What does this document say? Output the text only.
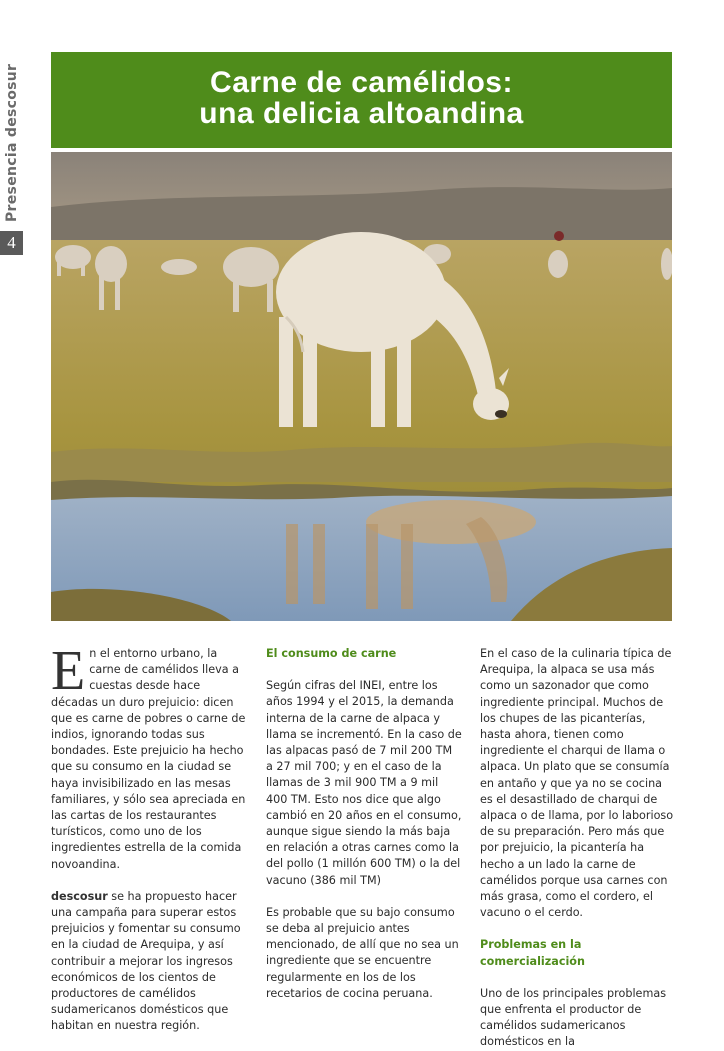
Presencia descosur
4
Carne de camélidos:
una delicia altoandina

En el entorno urbano, la carne de camélidos lleva a cuestas desde hace décadas un duro prejuicio: dicen que es carne de pobres o carne de indios, ignorando todas sus bondades. Este prejuicio ha hecho que su consumo en la ciudad se haya invisibilizado en las mesas familiares, y sólo sea apreciada en las cartas de los restaurantes turísticos, como uno de los ingredientes estrella de la comida novoandina.

descosur se ha propuesto hacer una campaña para superar estos prejuicios y fomentar su consumo en la ciudad de Arequipa, y así contribuir a mejorar los ingresos económicos de los cientos de productores de camélidos sudamericanos domésticos que habitan en nuestra región.

El consumo de carne

Según cifras del INEI, entre los años 1994 y el 2015, la demanda interna de la carne de alpaca y llama se incrementó. En la caso de las alpacas pasó de 7 mil 200 TM a 27 mil 700; y en el caso de la llamas de 3 mil 900 TM a 9 mil 400 TM. Esto nos dice que algo cambió en 20 años en el consumo, aunque sigue siendo la más baja en relación a otras carnes como la del pollo (1 millón 600 TM) o la del vacuno (386 mil TM)

Es probable que su bajo consumo se deba al prejuicio antes mencionado, de allí que no sea un ingrediente que se encuentre regularmente en los de los recetarios de cocina peruana.

En el caso de la culinaria típica de Arequipa, la alpaca se usa más como un sazonador que como ingrediente principal. Muchos de los chupes de las picanterías, hasta ahora, tienen como ingrediente el charqui de llama o alpaca. Un plato que se consumía en antaño y que ya no se cocina es el desastillado de charqui de alpaca o de llama, por lo laborioso de su preparación. Pero más que por prejuicio, la picantería ha hecho a un lado la carne de camélidos porque usa carnes con más grasa, como el cordero, el vacuno o el cerdo.

Problemas en la comercialización

Uno de los principales problemas que enfrenta el productor de camélidos sudamericanos domésticos en la
